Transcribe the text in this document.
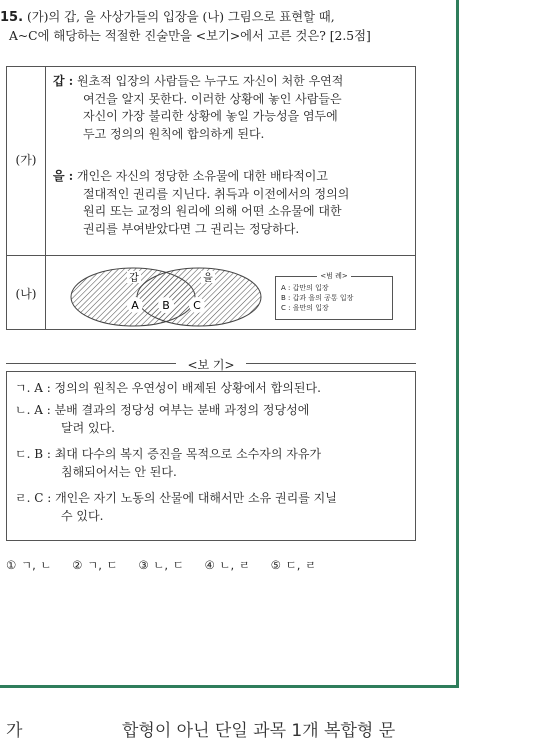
15. (가)의 갑, 을 사상가들의 입장을 (나) 그림으로 표현할 때,
A~C에 해당하는 적절한 진술만을 <보기>에서 고른 것은? [2.5점]
(가)
갑 : 원초적 입장의 사람들은 누구도 자신이 처한 우연적
여건을 알지 못한다. 이러한 상황에 놓인 사람들은
자신이 가장 불리한 상황에 놓일 가능성을 염두에
두고 정의의 원칙에 합의하게 된다.
을 : 개인은 자신의 정당한 소유물에 대한 배타적이고
절대적인 권리를 지닌다. 취득과 이전에서의 정의의
원리 또는 교정의 원리에 의해 어떤 소유물에 대한
권리를 부여받았다면 그 권리는 정당하다.
(나)
갑	을
A B C
<범 례>
A : 갑만의 입장
B : 갑과 을의 공통 입장
C : 을만의 입장
<보 기>
ㄱ. A : 정의의 원칙은 우연성이 배제된 상황에서 합의된다.
ㄴ. A : 분배 결과의 정당성 여부는 분배 과정의 정당성에
달려 있다.
ㄷ. B : 최대 다수의 복지 증진을 목적으로 소수자의 자유가
침해되어서는 안 된다.
ㄹ. C : 개인은 자기 노동의 산물에 대해서만 소유 권리를 지닐
수 있다.
① ㄱ, ㄴ ② ㄱ, ㄷ ③ ㄴ, ㄷ ④ ㄴ, ㄹ ⑤ ㄷ, ㄹ
가	합형이 아닌 단일 과목 1개 복합형 문
